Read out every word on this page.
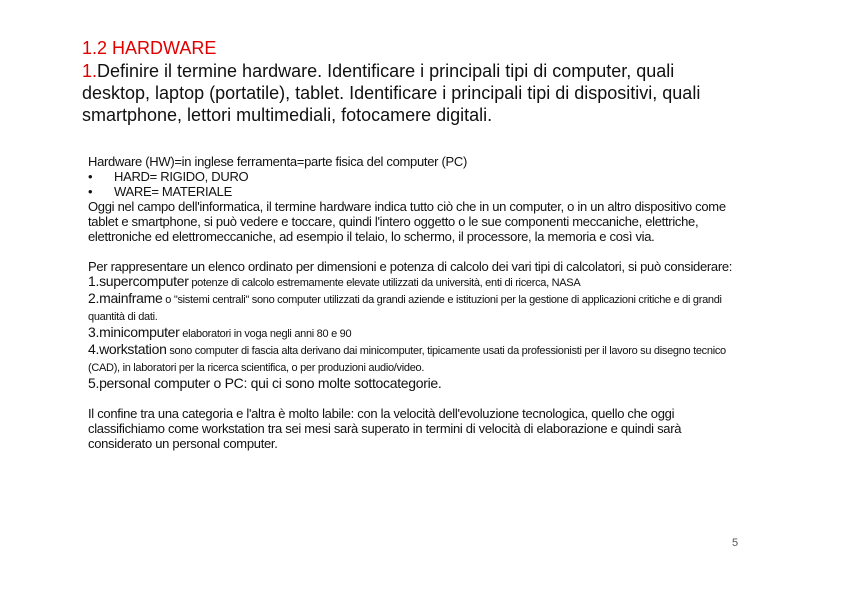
1.2 HARDWARE

1.Definire il termine hardware. Identificare i principali tipi di computer, quali desktop, laptop (portatile), tablet. Identificare i principali tipi di dispositivi, quali smartphone, lettori multimediali, fotocamere digitali.

Hardware (HW)=in inglese ferramenta=parte fisica del computer (PC)

•	HARD= RIGIDO, DURO
•	WARE= MATERIALE

Oggi nel campo dell'informatica, il termine hardware indica tutto ciò che in un computer, o in un altro dispositivo come tablet e smartphone, si può vedere e toccare, quindi l'intero oggetto o le sue componenti meccaniche, elettriche, elettroniche ed elettromeccaniche, ad esempio il telaio, lo schermo, il processore, la memoria e così via.

Per rappresentare un elenco ordinato per dimensioni e potenza di calcolo dei vari tipi di calcolatori, si può considerare:

1.supercomputer potenze di calcolo estremamente elevate utilizzati da università, enti di ricerca, NASA

2.mainframe o "sistemi centrali" sono computer utilizzati da grandi aziende e istituzioni per la gestione di applicazioni critiche e di grandi quantità di dati.

3.minicomputer elaboratori in voga negli anni 80 e 90

4.workstation sono computer di fascia alta derivano dai minicomputer, tipicamente usati da professionisti per il lavoro su disegno tecnico (CAD), in laboratori per la ricerca scientifica, o per produzioni audio/video.

5.personal computer o PC: qui ci sono molte sottocategorie.

Il confine tra una categoria e l'altra è molto labile: con la velocità dell'evoluzione tecnologica, quello che oggi classifichiamo come workstation tra sei mesi sarà superato in termini di velocità di elaborazione e quindi sarà considerato un personal computer.

5
